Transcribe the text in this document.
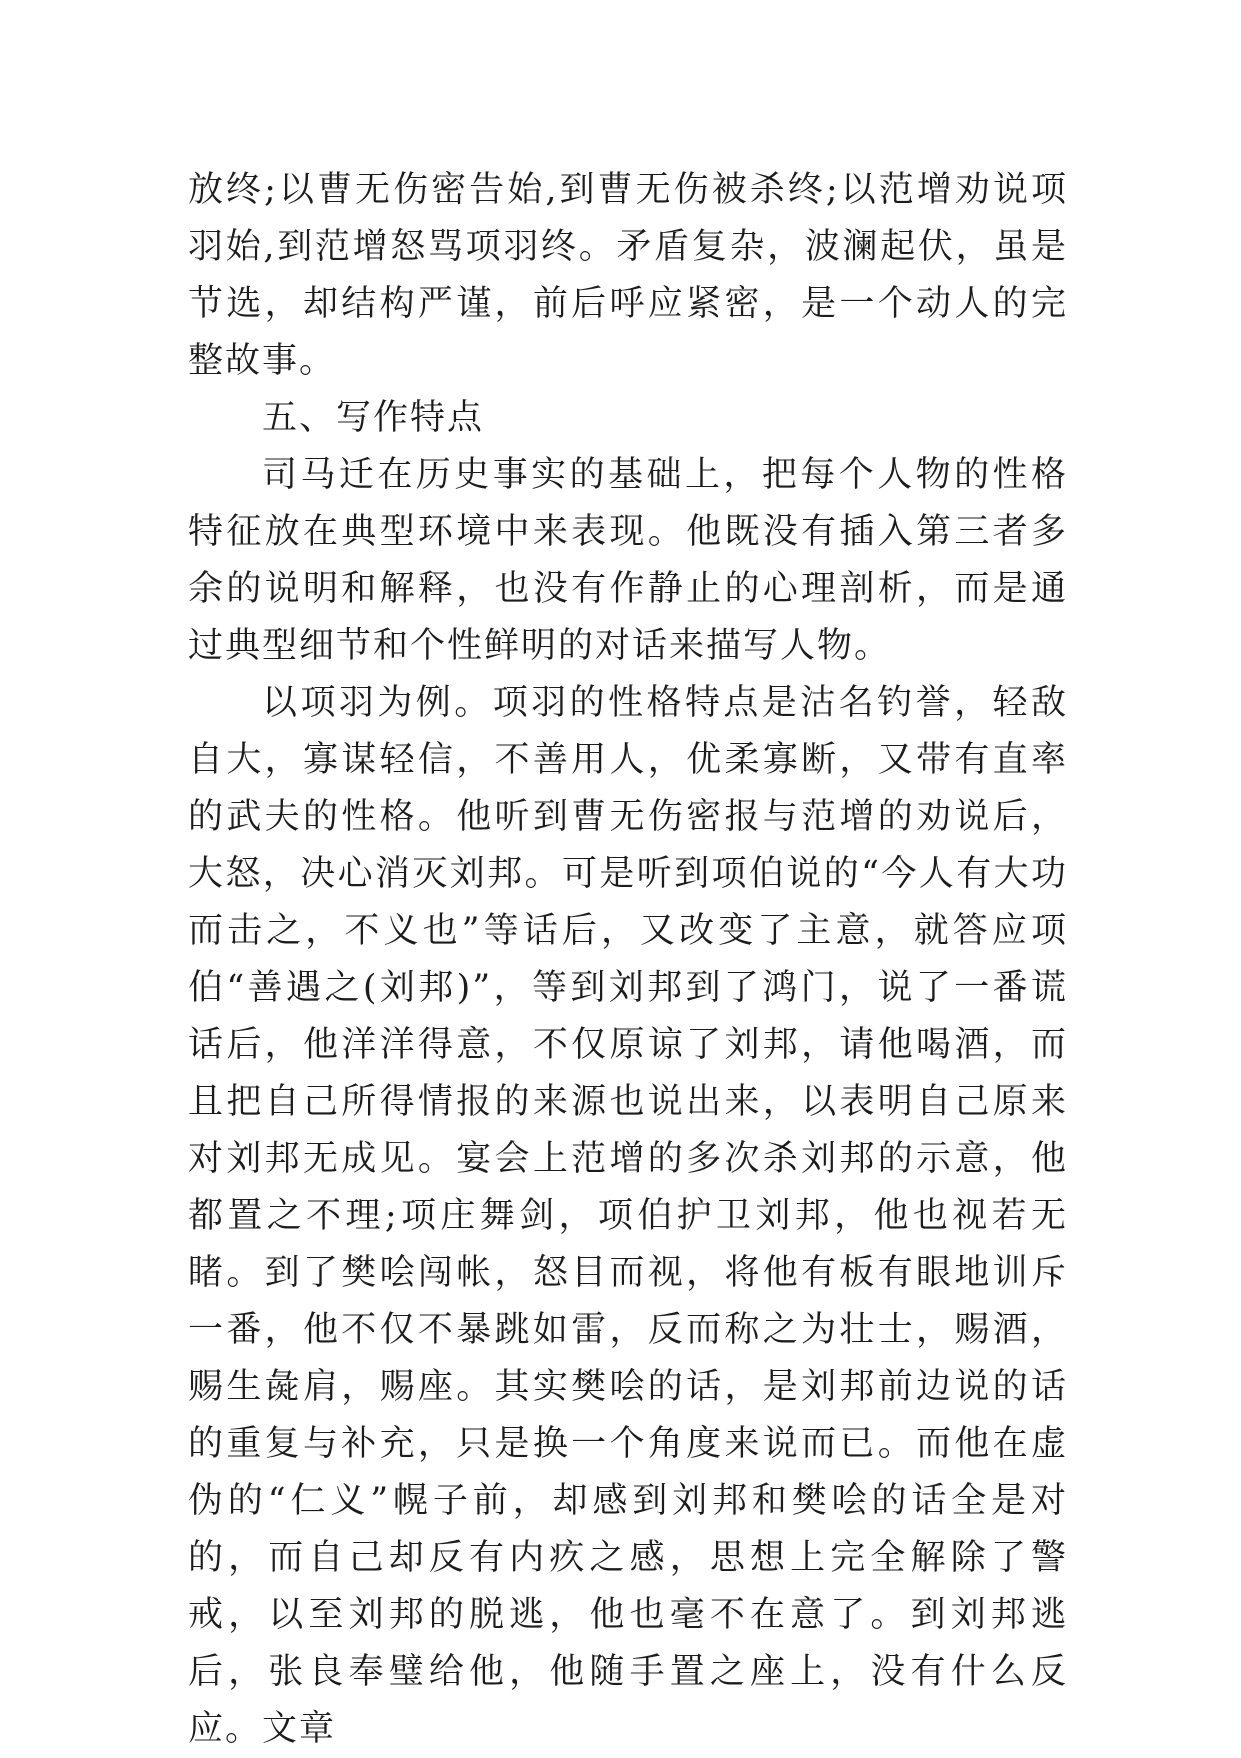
放终;以曹无伤密告始,到曹无伤被杀终;以范增劝说项羽始,到范增怒骂项羽终。矛盾复杂，波澜起伏，虽是节选，却结构严谨，前后呼应紧密，是一个动人的完整故事。

五、写作特点

司马迁在历史事实的基础上，把每个人物的性格特征放在典型环境中来表现。他既没有插入第三者多余的说明和解释，也没有作静止的心理剖析，而是通过典型细节和个性鲜明的对话来描写人物。

以项羽为例。项羽的性格特点是沽名钓誉，轻敌自大，寡谋轻信，不善用人，优柔寡断，又带有直率的武夫的性格。他听到曹无伤密报与范增的劝说后，大怒，决心消灭刘邦。可是听到项伯说的“今人有大功而击之，不义也”等话后，又改变了主意，就答应项伯“善遇之(刘邦)”，等到刘邦到了鸿门，说了一番谎话后，他洋洋得意，不仅原谅了刘邦，请他喝酒，而且把自己所得情报的来源也说出来，以表明自己原来对刘邦无成见。宴会上范增的多次杀刘邦的示意，他都置之不理;项庄舞剑，项伯护卫刘邦，他也视若无睹。到了樊哙闯帐，怒目而视，将他有板有眼地训斥一番，他不仅不暴跳如雷，反而称之为壮士，赐酒，赐生彘肩，赐座。其实樊哙的话，是刘邦前边说的话的重复与补充，只是换一个角度来说而已。而他在虚伪的“仁义”幌子前，却感到刘邦和樊哙的话全是对的，而自己却反有内疚之感，思想上完全解除了警戒，以至刘邦的脱逃，他也毫不在意了。到刘邦逃后，张良奉璧给他，他随手置之座上，没有什么反应。文章
